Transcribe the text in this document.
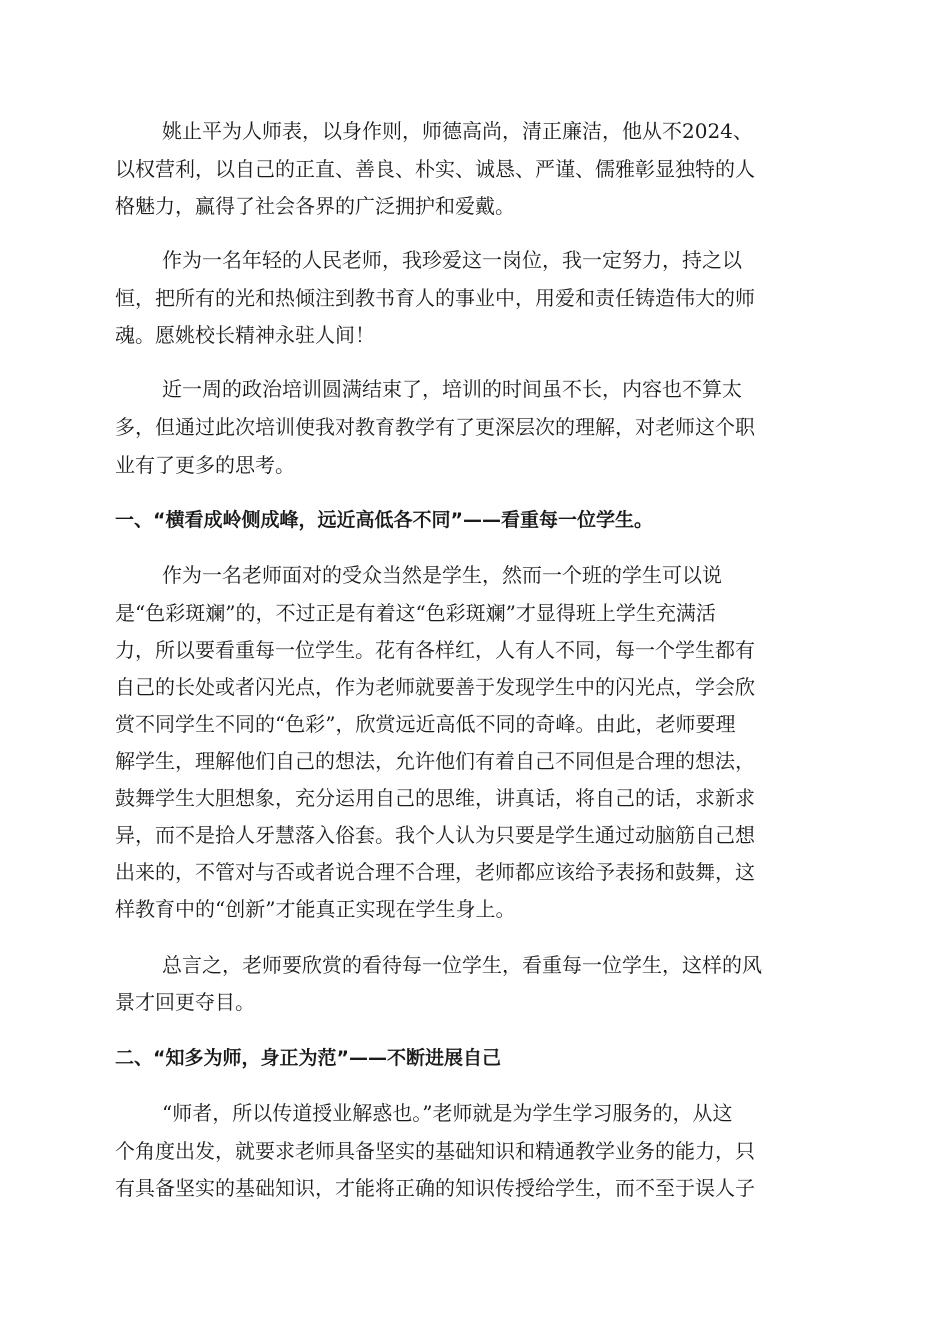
姚止平为人师表，以身作则，师德高尚，清正廉洁，他从不2024、
以权营利，以自己的正直、善良、朴实、诚恳、严谨、儒雅彰显独特的人
格魅力，赢得了社会各界的广泛拥护和爱戴。
作为一名年轻的人民老师，我珍爱这一岗位，我一定努力，持之以
恒，把所有的光和热倾注到教书育人的事业中，用爱和责任铸造伟大的师
魂。愿姚校长精神永驻人间！
近一周的政治培训圆满结束了，培训的时间虽不长，内容也不算太
多，但通过此次培训使我对教育教学有了更深层次的理解，对老师这个职
业有了更多的思考。
一、“横看成岭侧成峰，远近高低各不同”——看重每一位学生。
作为一名老师面对的受众当然是学生，然而一个班的学生可以说
是“色彩斑斓”的，不过正是有着这“色彩斑斓”才显得班上学生充满活
力，所以要看重每一位学生。花有各样红，人有人不同，每一个学生都有
自己的长处或者闪光点，作为老师就要善于发现学生中的闪光点，学会欣
赏不同学生不同的“色彩”，欣赏远近高低不同的奇峰。由此，老师要理
解学生，理解他们自己的想法，允许他们有着自己不同但是合理的想法，
鼓舞学生大胆想象，充分运用自己的思维，讲真话，将自己的话，求新求
异，而不是拾人牙慧落入俗套。我个人认为只要是学生通过动脑筋自己想
出来的，不管对与否或者说合理不合理，老师都应该给予表扬和鼓舞，这
样教育中的“创新”才能真正实现在学生身上。
总言之，老师要欣赏的看待每一位学生，看重每一位学生，这样的风
景才回更夺目。
二、“知多为师，身正为范”——不断进展自己
“师者，所以传道授业解惑也。”老师就是为学生学习服务的，从这
个角度出发，就要求老师具备坚实的基础知识和精通教学业务的能力，只
有具备坚实的基础知识，才能将正确的知识传授给学生，而不至于误人子
